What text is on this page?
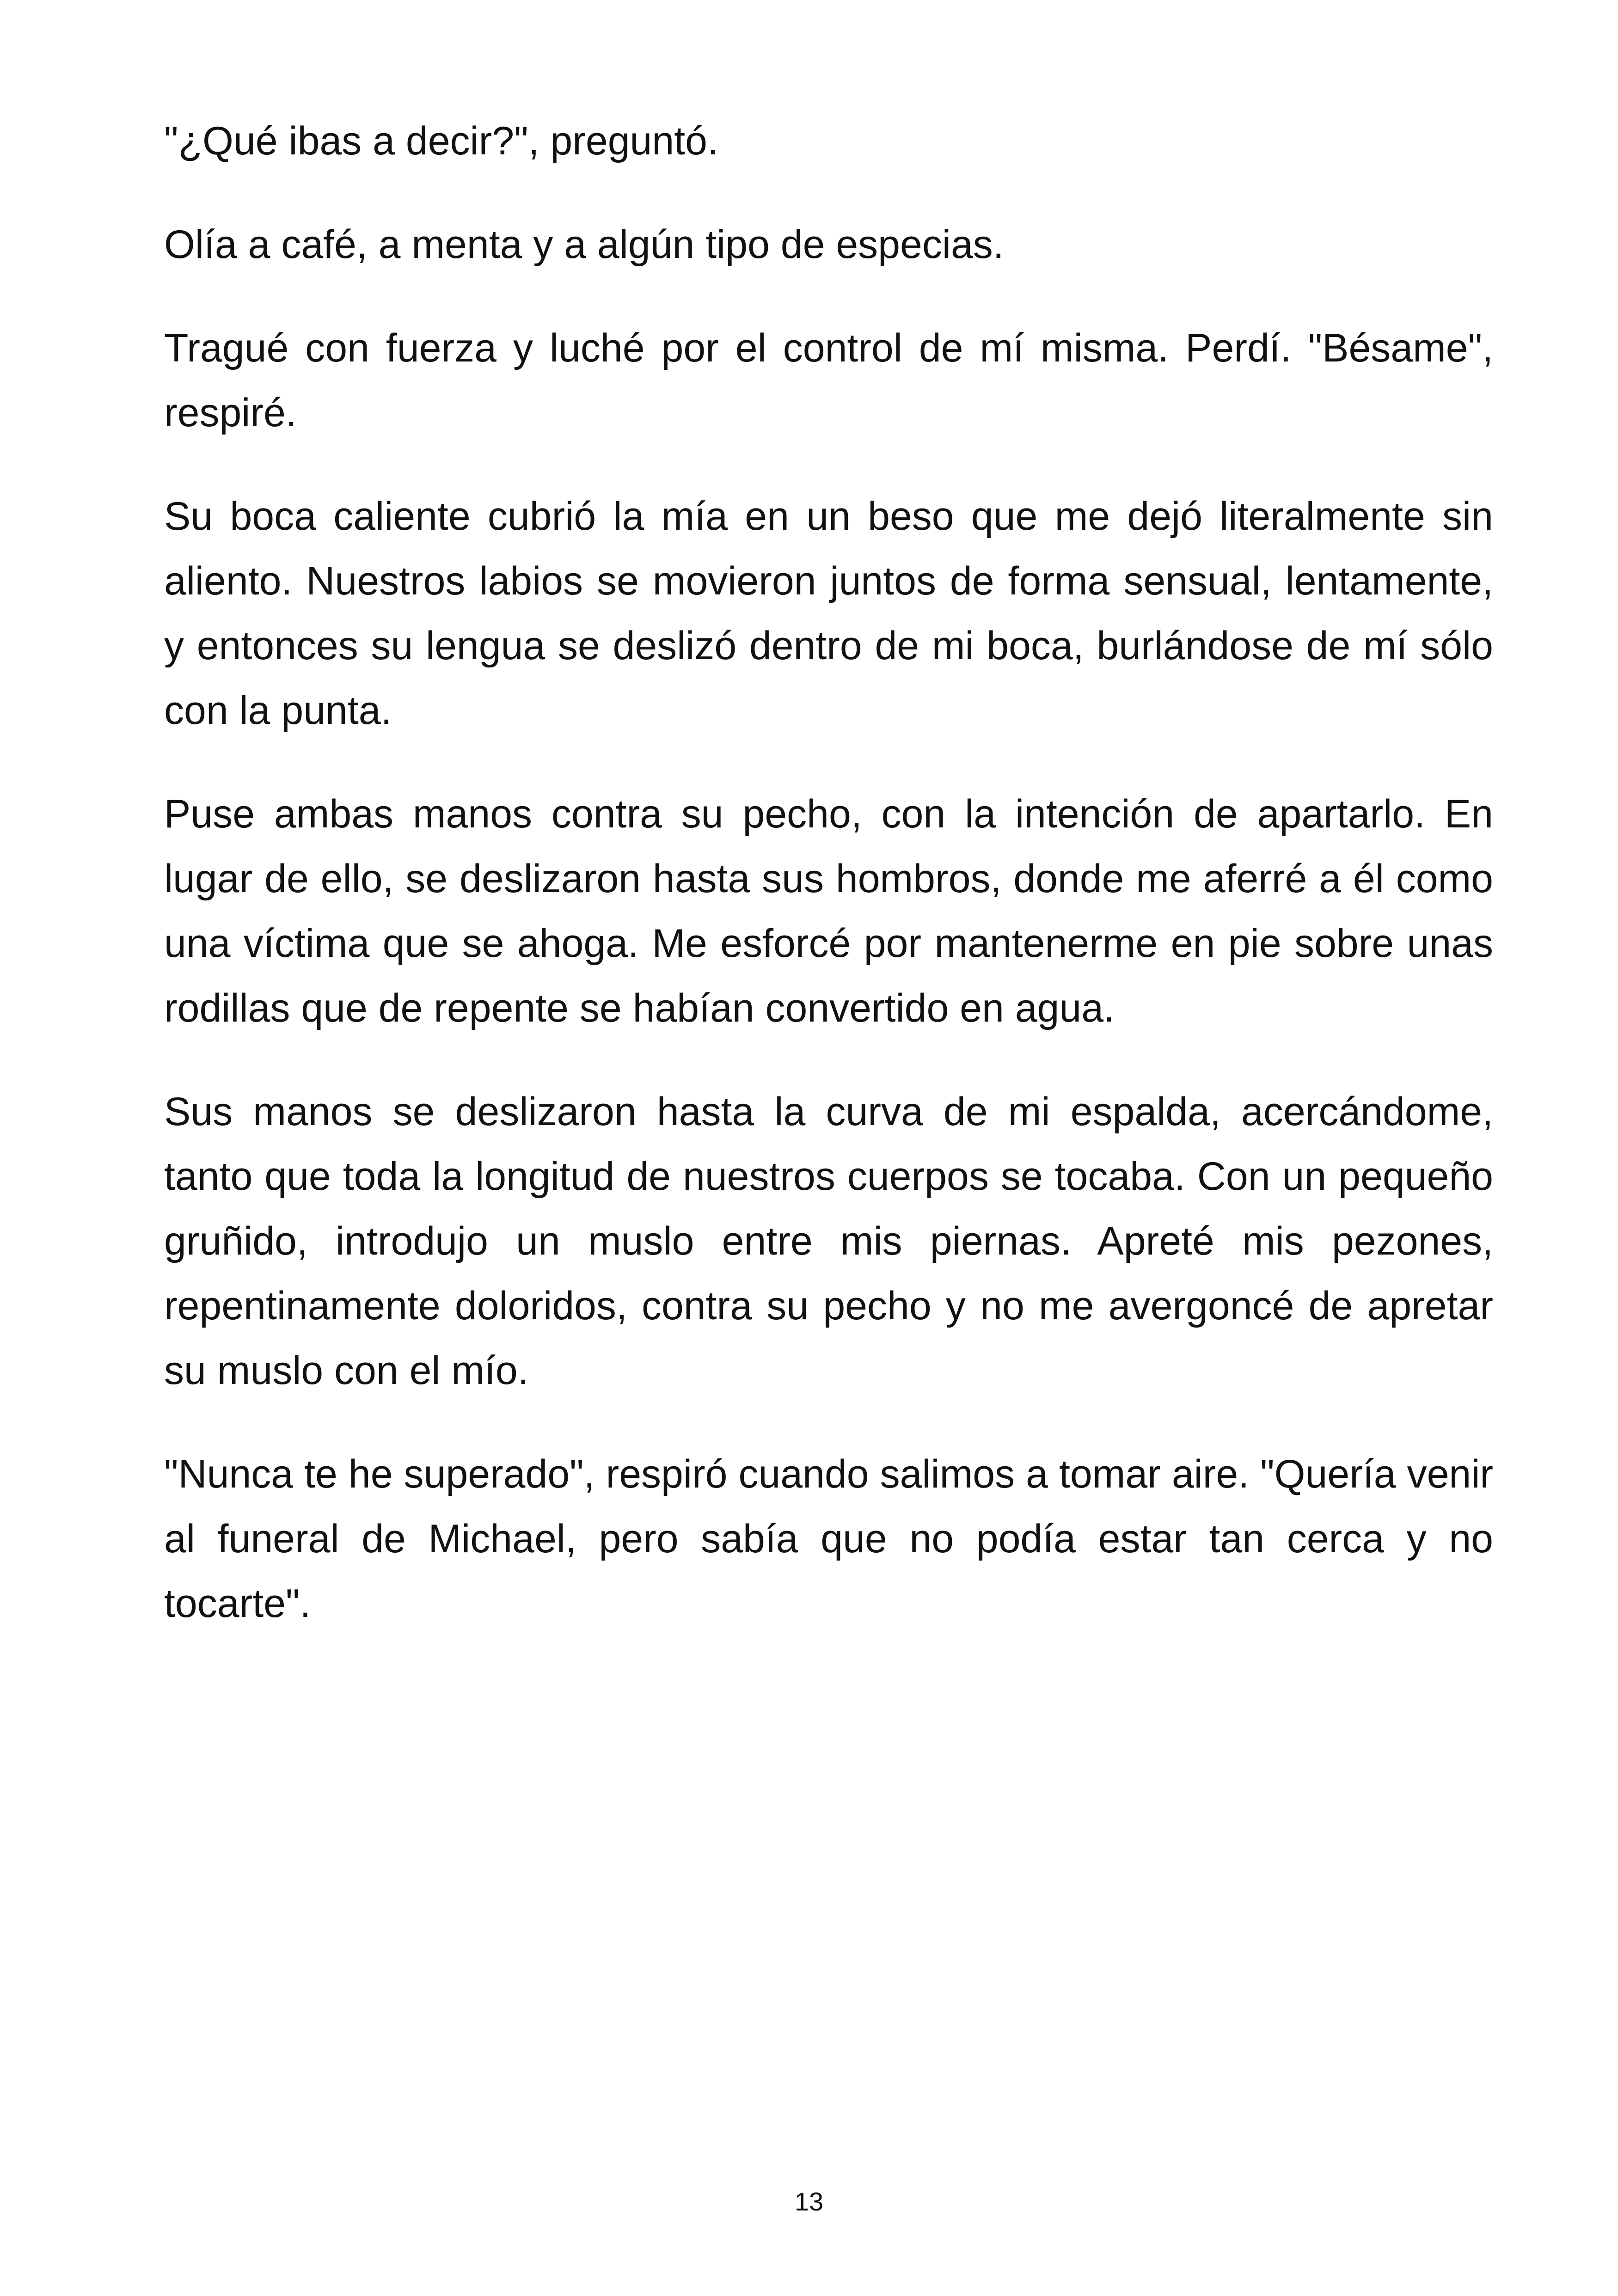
"¿Qué ibas a decir?", preguntó.

Olía a café, a menta y a algún tipo de especias.

Tragué con fuerza y luché por el control de mí misma. Perdí. "Bésame", respiré.

Su boca caliente cubrió la mía en un beso que me dejó literalmente sin aliento. Nuestros labios se movieron juntos de forma sensual, lentamente, y entonces su lengua se deslizó dentro de mi boca, burlándose de mí sólo con la punta.

Puse ambas manos contra su pecho, con la intención de apartarlo. En lugar de ello, se deslizaron hasta sus hombros, donde me aferré a él como una víctima que se ahoga. Me esforcé por mantenerme en pie sobre unas rodillas que de repente se habían convertido en agua.

Sus manos se deslizaron hasta la curva de mi espalda, acercándome, tanto que toda la longitud de nuestros cuerpos se tocaba. Con un pequeño gruñido, introdujo un muslo entre mis piernas. Apreté mis pezones, repentinamente doloridos, contra su pecho y no me avergoncé de apretar su muslo con el mío.

"Nunca te he superado", respiró cuando salimos a tomar aire. "Quería venir al funeral de Michael, pero sabía que no podía estar tan cerca y no tocarte".

13
